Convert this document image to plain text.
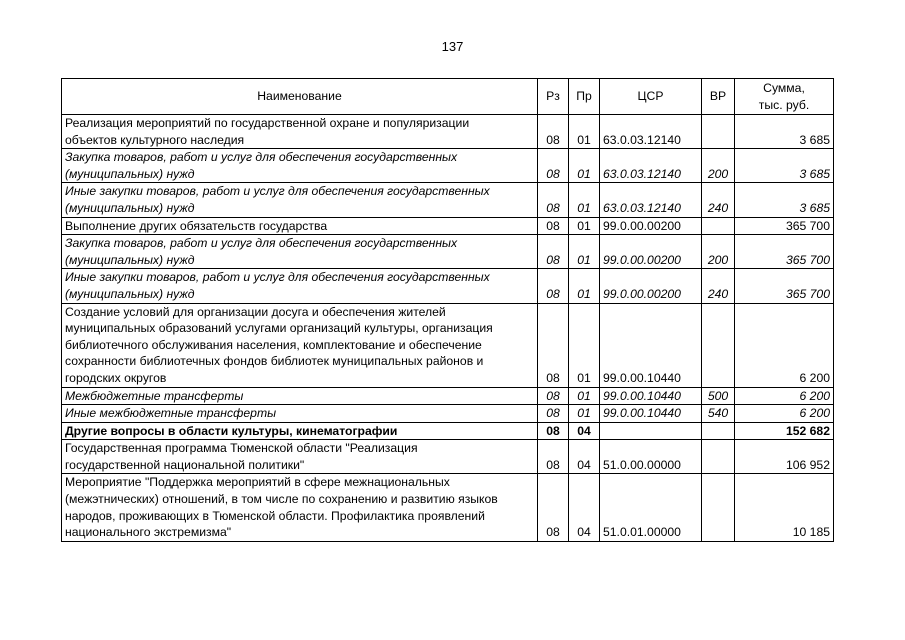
137
Наименование	Рз	Пр	ЦСР	ВР	Сумма,
тыс. руб.

Реализация мероприятий по государственной охране и популяризации
объектов культурного наследия	08	01	63.0.03.12140		3 685

Закупка товаров, работ и услуг для обеспечения государственных
(муниципальных) нужд	08	01	63.0.03.12140	200	3 685

Иные закупки товаров, работ и услуг для обеспечения государственных
(муниципальных) нужд	08	01	63.0.03.12140	240	3 685

Выполнение других обязательств государства	08	01	99.0.00.00200		365 700

Закупка товаров, работ и услуг для обеспечения государственных
(муниципальных) нужд	08	01	99.0.00.00200	200	365 700

Иные закупки товаров, работ и услуг для обеспечения государственных
(муниципальных) нужд	08	01	99.0.00.00200	240	365 700

Создание условий для организации досуга и обеспечения жителей
муниципальных образований услугами организаций культуры, организация
библиотечного обслуживания населения, комплектование и обеспечение
сохранности библиотечных фондов библиотек муниципальных районов и
городских округов	08	01	99.0.00.10440		6 200

Межбюджетные трансферты	08	01	99.0.00.10440	500	6 200

Иные межбюджетные трансферты	08	01	99.0.00.10440	540	6 200

Другие вопросы в области культуры, кинематографии	08	04			152 682

Государственная программа Тюменской области "Реализация
государственной национальной политики"	08	04	51.0.00.00000		106 952

Мероприятие "Поддержка мероприятий в сфере межнациональных
(межэтнических) отношений, в том числе по сохранению и развитию языков
народов, проживающих в Тюменской области. Профилактика проявлений
национального экстремизма"	08	04	51.0.01.00000		10 185
